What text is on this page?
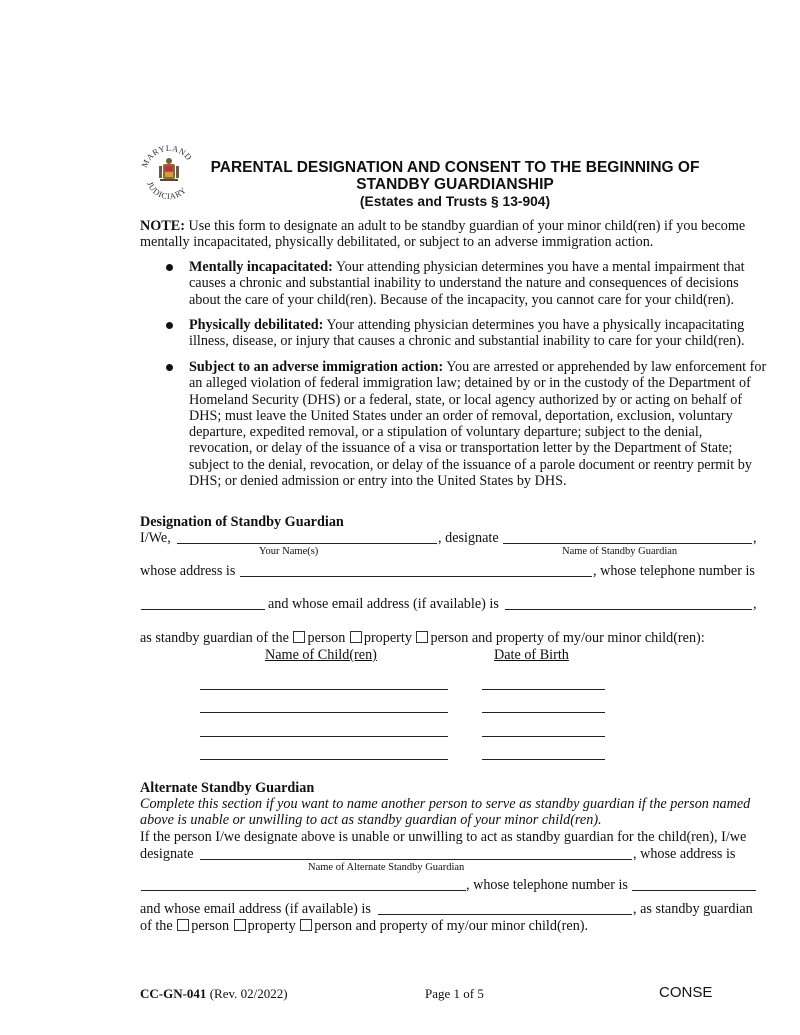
MARYLAND
JUDICIARY
PARENTAL DESIGNATION AND CONSENT TO THE BEGINNING OF
STANDBY GUARDIANSHIP
(Estates and Trusts § 13-904)
NOTE: Use this form to designate an adult to be standby guardian of your minor child(ren) if you become mentally incapacitated, physically debilitated, or subject to an adverse immigration action.
Mentally incapacitated: Your attending physician determines you have a mental impairment that causes a chronic and substantial inability to understand the nature and consequences of decisions about the care of your child(ren). Because of the incapacity, you cannot care for your child(ren).
Physically debilitated: Your attending physician determines you have a physically incapacitating illness, disease, or injury that causes a chronic and substantial inability to care for your child(ren).
Subject to an adverse immigration action: You are arrested or apprehended by law enforcement for an alleged violation of federal immigration law; detained by or in the custody of the Department of Homeland Security (DHS) or a federal, state, or local agency authorized by or acting on behalf of DHS; must leave the United States under an order of removal, deportation, exclusion, voluntary departure, expedited removal, or a stipulation of voluntary departure; subject to the denial, revocation, or delay of the issuance of a visa or transportation letter by the Department of State; subject to the denial, revocation, or delay of the issuance of a parole document or reentry permit by DHS; or denied admission or entry into the United States by DHS.
Designation of Standby Guardian
I/We,	, designate	,
Your Name(s)	Name of Standby Guardian
whose address is	, whose telephone number is
and whose email address (if available) is	,
as standby guardian of the person property person and property of my/our minor child(ren):
Name of Child(ren)	Date of Birth
Alternate Standby Guardian
Complete this section if you want to name another person to serve as standby guardian if the person named above is unable or unwilling to act as standby guardian of your minor child(ren).
If the person I/we designate above is unable or unwilling to act as standby guardian for the child(ren), I/we
designate	, whose address is
Name of Alternate Standby Guardian
, whose telephone number is
and whose email address (if available) is	, as standby guardian
of the person property person and property of my/our minor child(ren).
CC-GN-041 (Rev. 02/2022)	Page 1 of 5	CONSE
